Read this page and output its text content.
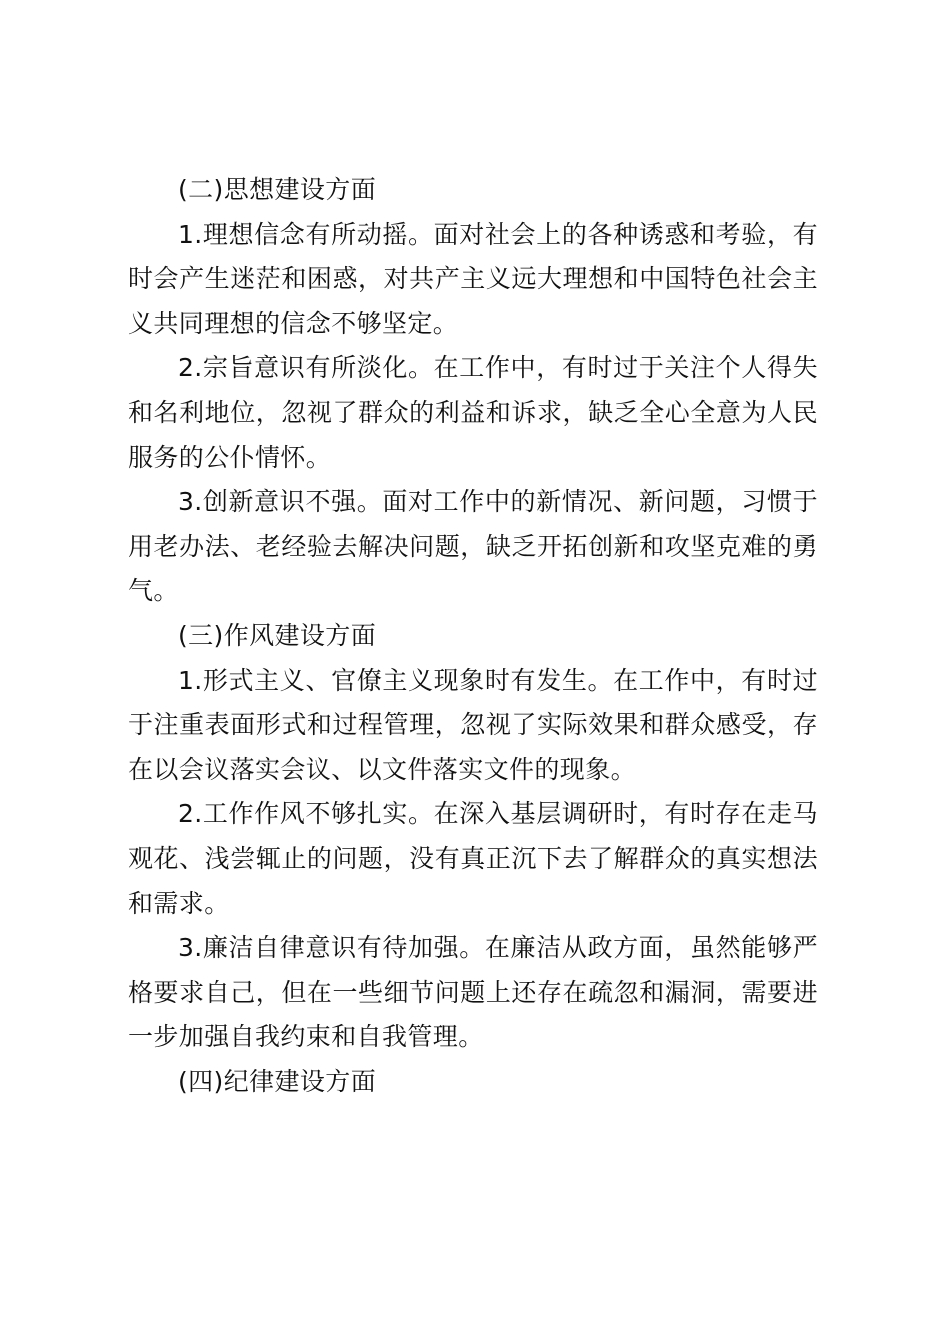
(二)思想建设方面

1.理想信念有所动摇。面对社会上的各种诱惑和考验，有时会产生迷茫和困惑，对共产主义远大理想和中国特色社会主义共同理想的信念不够坚定。

2.宗旨意识有所淡化。在工作中，有时过于关注个人得失和名利地位，忽视了群众的利益和诉求，缺乏全心全意为人民服务的公仆情怀。

3.创新意识不强。面对工作中的新情况、新问题，习惯于用老办法、老经验去解决问题，缺乏开拓创新和攻坚克难的勇气。

(三)作风建设方面

1.形式主义、官僚主义现象时有发生。在工作中，有时过于注重表面形式和过程管理，忽视了实际效果和群众感受，存在以会议落实会议、以文件落实文件的现象。

2.工作作风不够扎实。在深入基层调研时，有时存在走马观花、浅尝辄止的问题，没有真正沉下去了解群众的真实想法和需求。

3.廉洁自律意识有待加强。在廉洁从政方面，虽然能够严格要求自己，但在一些细节问题上还存在疏忽和漏洞，需要进一步加强自我约束和自我管理。

(四)纪律建设方面
